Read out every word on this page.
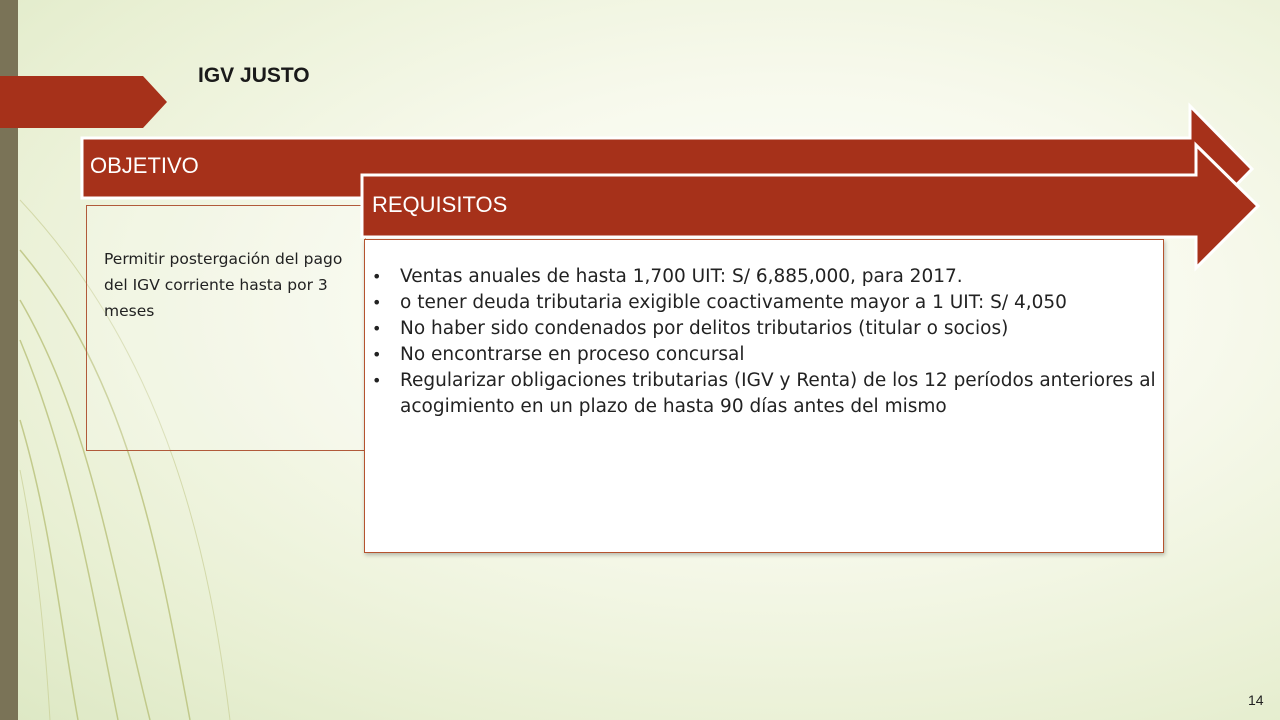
IGV JUSTO
OBJETIVO
Permitir postergación del pago del IGV corriente hasta por 3 meses
REQUISITOS
• Ventas anuales de hasta 1,700 UIT: S/ 6,885,000, para 2017.
• o tener deuda tributaria exigible coactivamente mayor a 1 UIT: S/ 4,050
• No haber sido condenados por delitos tributarios (titular o socios)
• No encontrarse en proceso concursal
• Regularizar obligaciones tributarias (IGV y Renta) de los 12 períodos anteriores al acogimiento en un plazo de hasta 90 días antes del mismo
14
